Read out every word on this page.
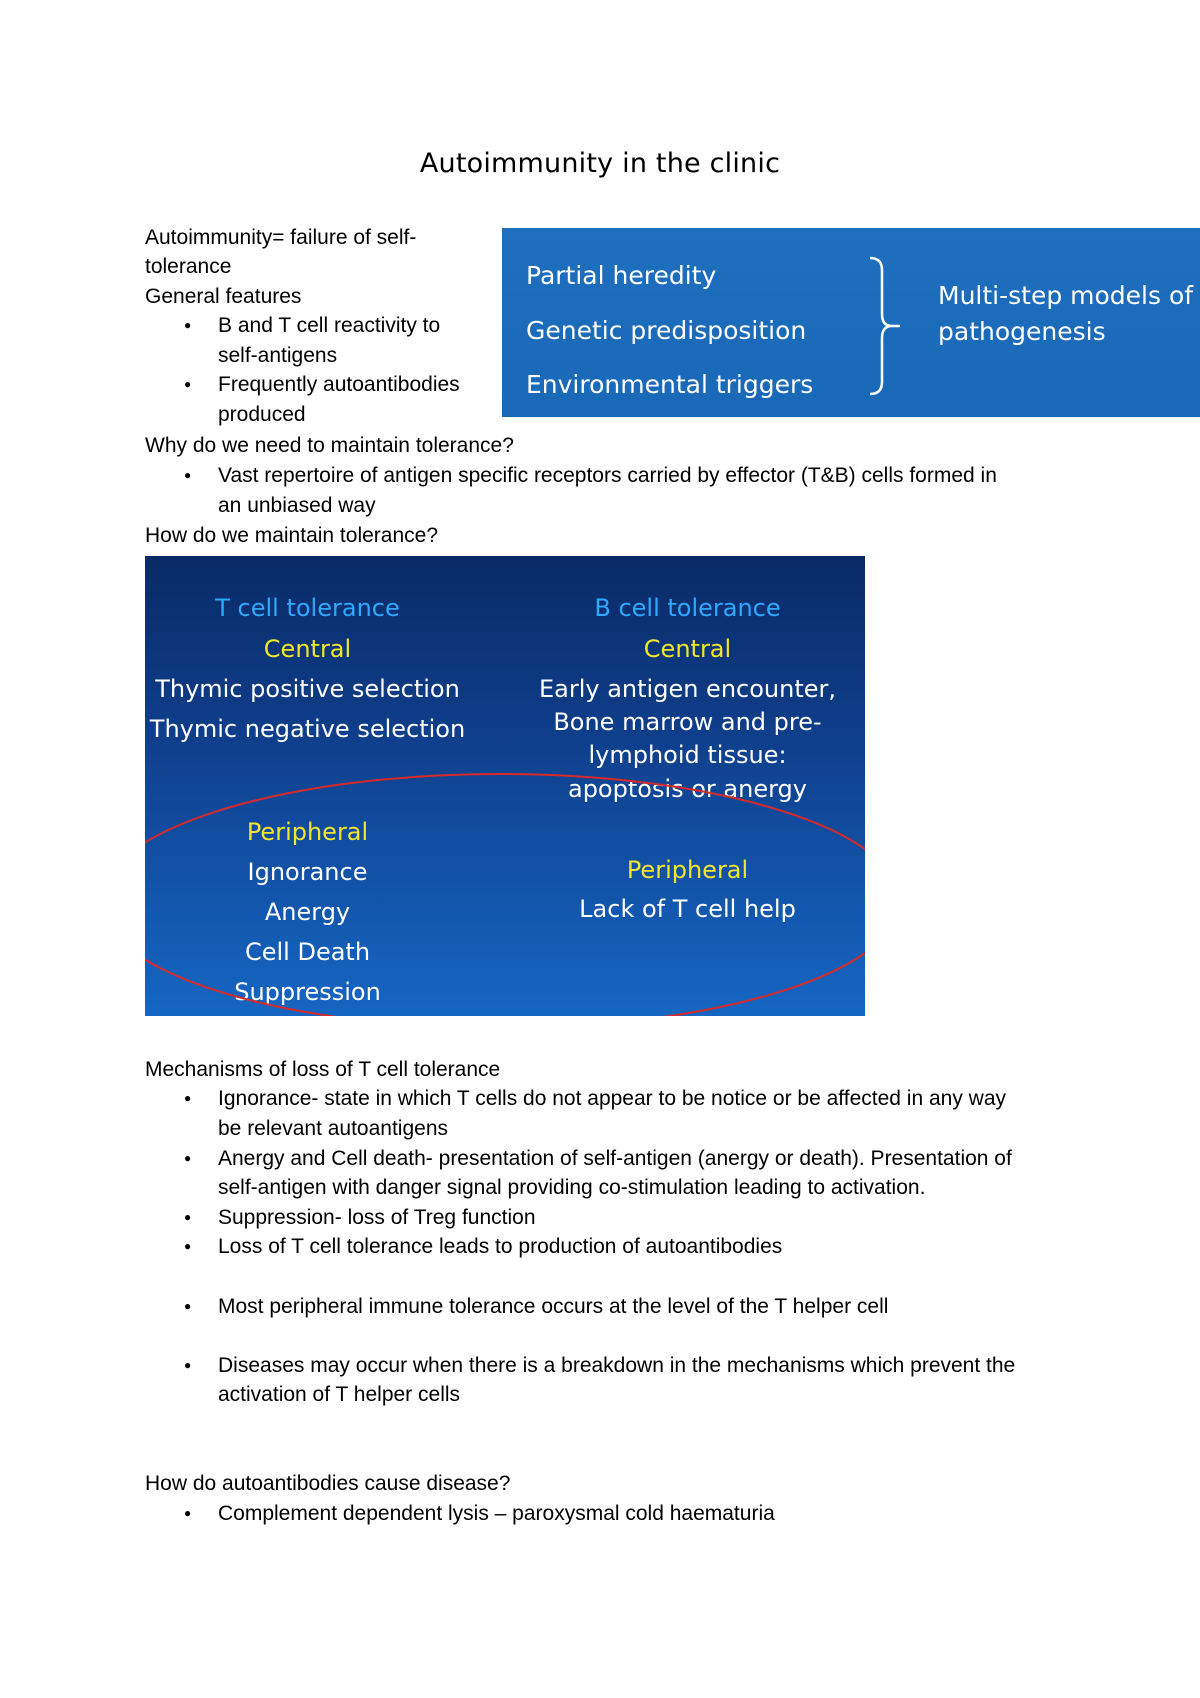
Autoimmunity in the clinic
Autoimmunity= failure of self-
tolerance
General features
● B and T cell reactivity to
self-antigens
● Frequently autoantibodies
produced
Partial heredity
Genetic predisposition
Environmental triggers
Multi-step models of
pathogenesis
Why do we need to maintain tolerance?
● Vast repertoire of antigen specific receptors carried by effector (T&B) cells formed in
an unbiased way
How do we maintain tolerance?
T cell tolerance	B cell tolerance
Central
Thymic positive selection
Thymic negative selection
Central
Early antigen encounter,
Bone marrow and pre-
lymphoid tissue:
apoptosis or anergy
Peripheral
Ignorance
Anergy
Cell Death
Suppression
Peripheral
Lack of T cell help
Mechanisms of loss of T cell tolerance
● Ignorance- state in which T cells do not appear to be notice or be affected in any way
be relevant autoantigens
● Anergy and Cell death- presentation of self-antigen (anergy or death). Presentation of
self-antigen with danger signal providing co-stimulation leading to activation.
● Suppression- loss of Treg function
● Loss of T cell tolerance leads to production of autoantibodies
● Most peripheral immune tolerance occurs at the level of the T helper cell
● Diseases may occur when there is a breakdown in the mechanisms which prevent the
activation of T helper cells
How do autoantibodies cause disease?
● Complement dependent lysis – paroxysmal cold haematuria
